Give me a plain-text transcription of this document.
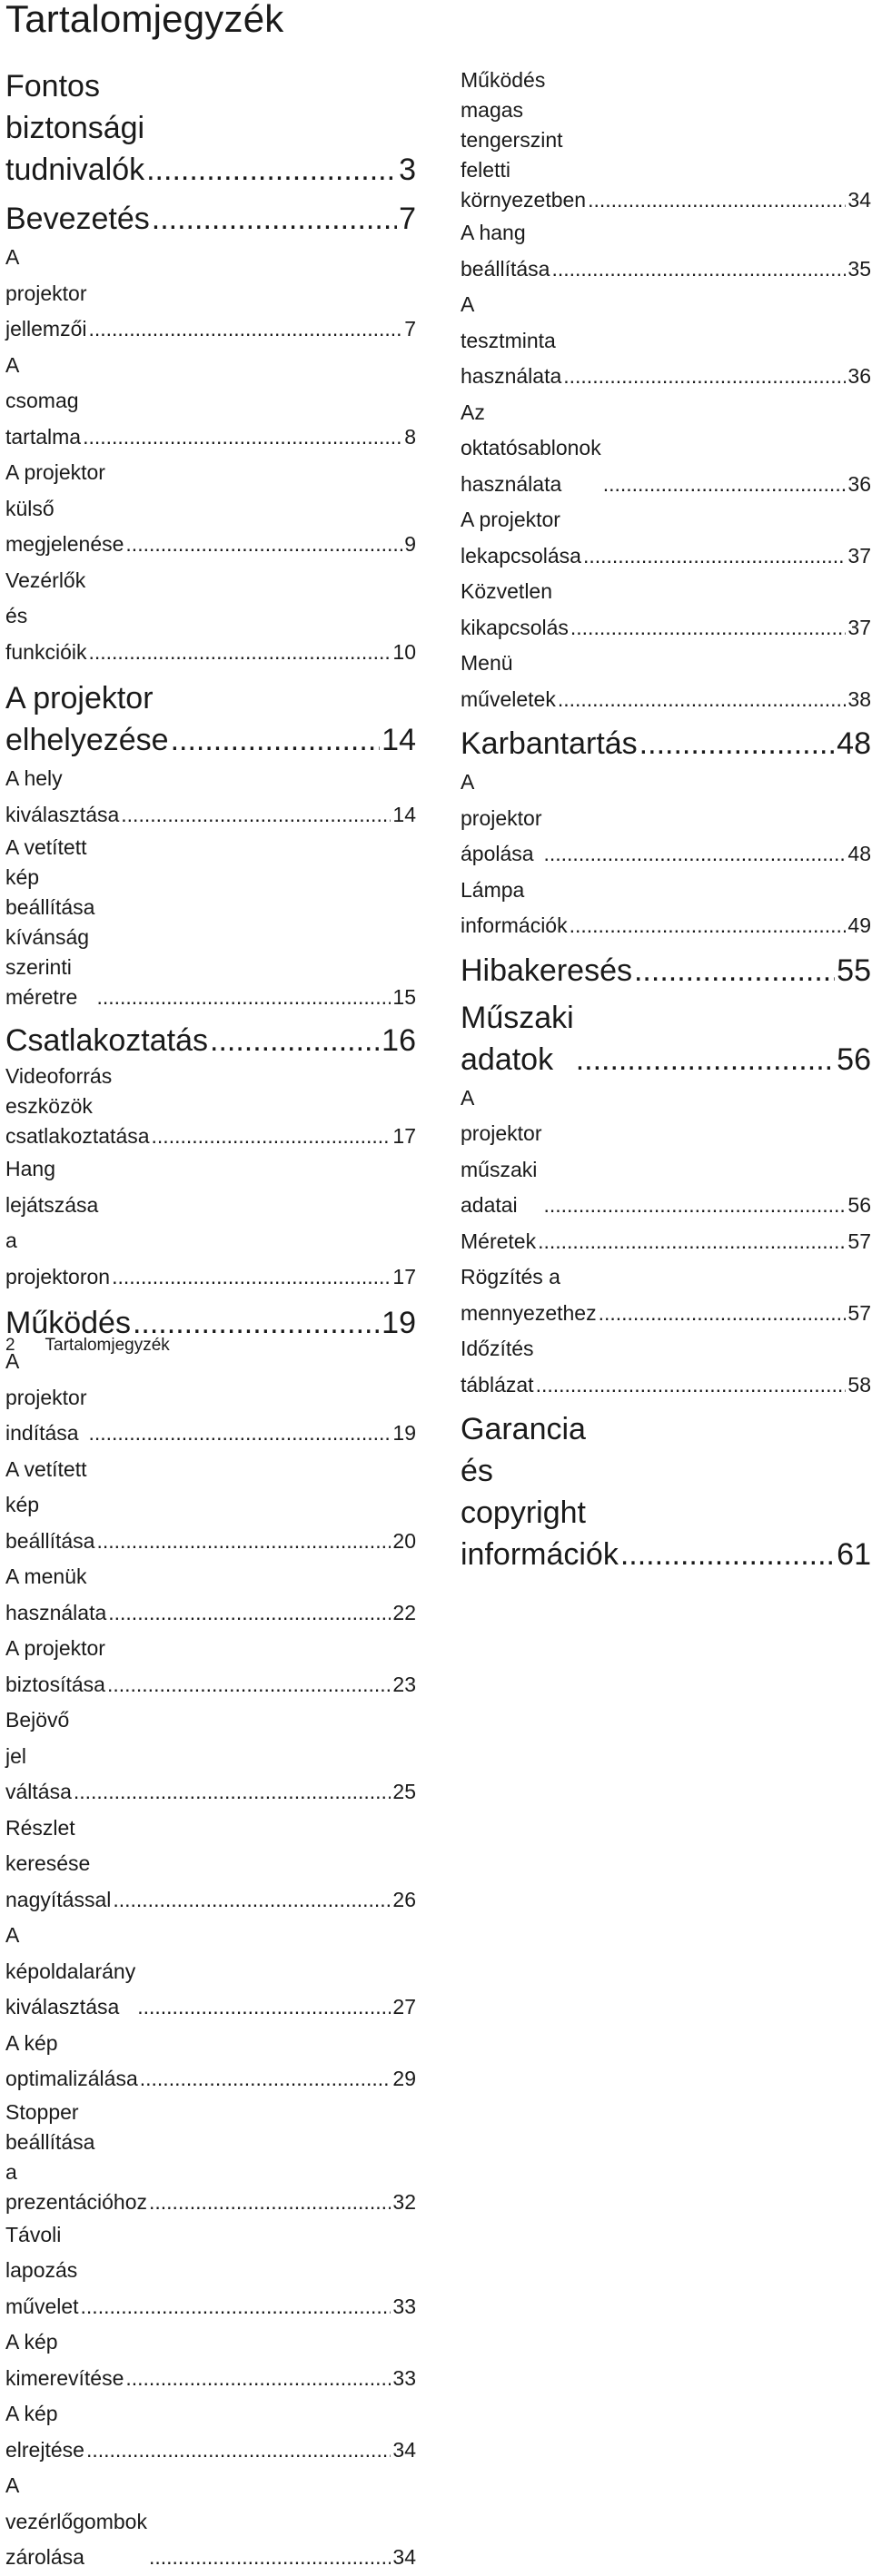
Tartalomjegyzék
Fontos biztonsági
tudnivalók .....	3
Bevezetés .....	7
A projektor jellemzői .....	7
A csomag tartalma .....	8
A projektor külső megjelenése .....	9
Vezérlők és funkcióik .....	10
A projektor
elhelyezése .....	14
A hely kiválasztása .....	14
A vetített kép beállítása
kívánság szerinti méretre .....	15
Csatlakoztatás .....	16
Videoforrás eszközök
csatlakoztatása .....	17
Hang lejátszása a projektoron .....	17
Működés .....	19
A projektor indítása .....	19
A vetített kép beállítása .....	20
A menük használata .....	22
A projektor biztosítása .....	23
Bejövő jel váltása .....	25
Részlet keresése nagyítással .....	26
A képoldalarány kiválasztása .....	27
A kép optimalizálása .....	29
Stopper beállítása
a prezentációhoz .....	32
Távoli lapozás művelet .....	33
A kép kimerevítése .....	33
A kép elrejtése .....	34
A vezérlőgombok zárolása .....	34
Működés magas tengerszint
feletti környezetben .....	34
A hang beállítása .....	35
A tesztminta használata .....	36
Az oktatósablonok használata .....	36
A projektor lekapcsolása .....	37
Közvetlen kikapcsolás .....	37
Menü műveletek .....	38
Karbantartás .....	48
A projektor ápolása .....	48
Lámpa információk .....	49
Hibakeresés .....	55
Műszaki adatok .....	56
A projektor műszaki adatai .....	56
Méretek .....	57
Rögzítés a mennyezethez .....	57
Időzítés táblázat .....	58
Garancia és copyright
információk .....	61
2 Tartalomjegyzék
